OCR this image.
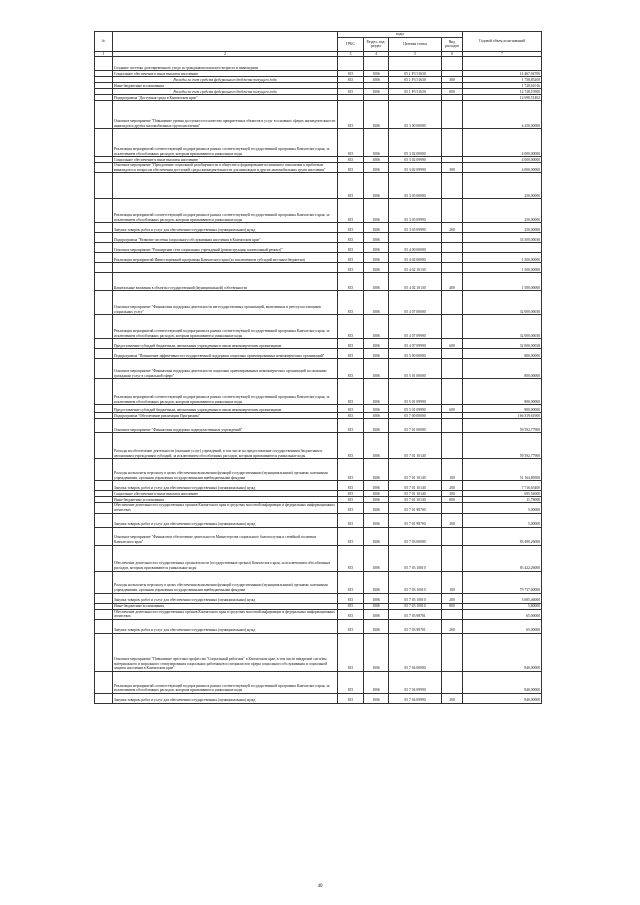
№		коды				Годовой объем ассигнований
		ГРБС	Раздел, под-раздел	Целевая статья	Вид расходов	

1	2	3	4	5	6	7
	Создание системы долговременного ухода за гражданами пожилого возраста и инвалидами					
	Социальное обеспечение и иные выплаты населению	815	1006	05 1 P3 51630		14 467,04700
	Расходы за счет средств федерального бюджета текущего года	815	1006	05 1 P3 51630	300	1 738,85200
	Иные бюджетные ассигнования					1 728,61016
	Расходы за счет средств федерального бюджета текущего года	815	1006	05 1 P3 51630	800	12 728,19500
	Подпрограмма "Доступная среда в Камчатском крае"					12 698,51402
	Основное мероприятие "Повышение уровня доступности и качества приоритетных объектов и услуг в основных сферах жизнедеятельности инвалидов и других маломобильных групп населения"	815	1006	05 3 00 00000		4 250,00000
	Реализация мероприятий соответствующей подпрограммы в рамках соответствующей государственной программы Камчатского края, за исключением обособленных расходов, которым присваиваются уникальные коды	815	1006	05 3 02 00000		4 000,00000
	Социальное обеспечение и иные выплаты населению	815	1006	05 3 02 09990		4 000,00000
	Основное мероприятие "Преодоление социальной разобщенности в обществе и формирование позитивного отношения к проблемам инвалидов и к вопросам обеспечения доступной среды жизнедеятельности для инвалидов и других маломобильных групп населения"	815	1006	05 3 02 09990	300	4 000,00000
		815	1006	05 3 05 00000		250,00000
	Реализация мероприятий соответствующей подпрограммы в рамках соответствующей государственной программы Камчатского края, за исключением обособленных расходов, которым присваиваются уникальные коды	815	1006	05 3 05 09990		250,00000
	Закупка товаров, работ и услуг для обеспечения государственных (муниципальных) нужд	815	1006	05 3 05 09990	200	250,00000
	Подпрограмма "Развитие системы социального обслуживания населения в Камчатском крае"	815	1006			33 500,00038
	Основное мероприятие "Расширение сети социальных учреждений (реконструкция, капитальный ремонт)"	815	1006	05 4 00 00000		
	Реализация мероприятий Инвестиционной программы Камчатского края (за исключением субсидий местным бюджетам)	815	1006	05 4 02 00000		1 500,00000
		815	1006	05 4 02 10130		1 500,00000
	Капитальные вложения в объекты государственной (муниципальной) собственности	815	1006	05 4 02 10130	400	1 500,00000
	Основное мероприятие "Финансовая поддержка деятельности негосударственных организаций, включенных в реестр поставщиков социальных услуг"	815	1006	05 4 07 00000		32 000,00038
	Реализация мероприятий соответствующей подпрограммы в рамках соответствующей государственной программы Камчатского края, за исключением обособленных расходов, которым присваиваются уникальные коды	815	1006	05 4 07 09990		32 000,00038
	Предоставление субсидий бюджетным, автономным учреждениям и иным некоммерческим организациям	815	1006	05 4 07 09990	600	32 000,00038
	Подпрограмма "Повышение эффективности государственной поддержки социально ориентированных некоммерческих организаций"	815	1006	05 5 00 00000		800,00000
	Основное мероприятие "Финансовая поддержка деятельности социально ориентированных некоммерческих организаций по оказанию гражданам услуг в социальной сфере"	815	1006	05 5 01 00000		800,00000
	Реализация мероприятий соответствующей подпрограммы в рамках соответствующей государственной программы Камчатского края, за исключением обособленных расходов, которым присваиваются уникальные коды	815	1006	05 5 01 09990		800,00000
	Предоставление субсидий бюджетным, автономным учреждениям и иным некоммерческим организациям	815	1006	05 5 01 09990	600	800,00000
	Подпрограмма "Обеспечение реализации Программы"	815	1006	05 7 00 00000		166 319,61900
	Основное мероприятие "Финансовая поддержка подведомственных учреждений"	815	1006	05 7 01 00000		59 592,77900
	Расходы на обеспечение деятельности (оказание услуг) учреждений, в том числе на предоставление государственным бюджетным и автономным учреждениям субсидий, за исключением обособленных расходов, которым присваиваются уникальные коды	815	1006	05 7 01 10140		59 592,77900
	Расходы на выплаты персоналу в целях обеспечения выполнения функций государственными (муниципальными) органами, казенными учреждениями, органами управления государственными внебюджетными фондами	815	1006	05 7 01 10140	100	51 164,80500
	Закупка товаров, работ и услуг для обеспечения государственных (муниципальных) нужд	815	1006	05 7 01 10140	200	7 716,65400
	Социальное обеспечение и иные выплаты населению	815	1006	05 7 01 10140	300	695,54000
	Иные бюджетные ассигнования	815	1006	05 7 01 10140	800	11,78000
	Обеспечение деятельности государственных органов Камчатского края в средствах массовой информации и федеральных информационных агентствах	815	1006	05 7 01 98700		5,00000
	Закупка товаров, работ и услуг для обеспечения государственных (муниципальных) нужд	815	1006	05 7 01 98700	200	5,00000
	Основное мероприятие "Финансовое обеспечение деятельности Министерства социального благополучия и семейной политики Камчатского края"	815	1006	05 7 03 00000		83 490,26000
	Обеспечение деятельности государственных органов власти (государственные органы) Камчатского края, за исключением обособленных расходов, которым присваиваются уникальные коды	815	1006	05 7 03 10010		83 422,26000
	Расходы на выплаты персоналу в целях обеспечения выполнения функций государственными (муниципальными) органами, казенными учреждениями, органами управления государственными внебюджетными фондами	815	1006	05 7 03 10010	100	79 737,00000
	Закупка товаров, работ и услуг для обеспечения государственных (муниципальных) нужд	815	1006	05 7 03 10010	200	3 685,46000
	Иные бюджетные ассигнования	815	1006	05 7 03 10010	800	5,80000
	Обеспечение деятельности государственных органов Камчатского края в средствах массовой информации и федеральных информационных агентствах	815	1006	05 7 03 98701		65,00000
	Закупка товаров, работ и услуг для обеспечения государственных (муниципальных) нужд	815	1006	05 7 03 98701	200	65,00000
	Основное мероприятие "Повышение престижа профессии "Социальный работник" в Камчатском крае, в том числе внедрение системы материального и морального стимулирования социальных работников и специалистов сферы социального обслуживания и социальной защиты населения в Камчатском крае"	815	1006	05 7 04 00000		840,00000
	Реализация мероприятий соответствующей подпрограммы в рамках соответствующей государственной программы Камчатского края, за исключением обособленных расходов, которым присваиваются уникальные коды	815	1006	05 7 04 09990		840,00000
	Закупка товаров, работ и услуг для обеспечения государственных (муниципальных) нужд	815	1006	05 7 04 09990	200	840,00000
40
